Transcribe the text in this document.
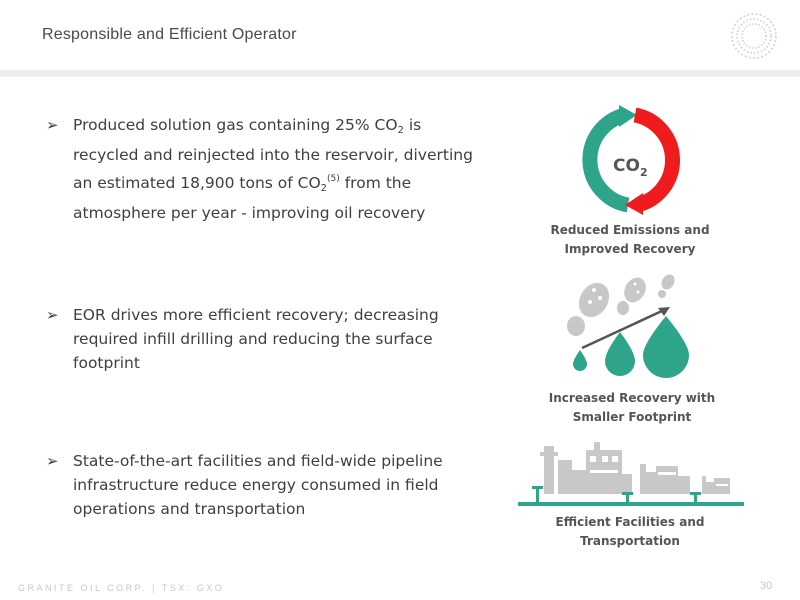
Responsible and Efficient Operator
➢ Produced solution gas containing 25% $CO_2$ is recycled and reinjected into the reservoir, diverting an estimated 18,900 tons of $CO_2^{(5)}$ from the atmosphere per year - improving oil recovery
➢ EOR drives more efficient recovery; decreasing required infill drilling and reducing the surface footprint
➢ State-of-the-art facilities and field-wide pipeline infrastructure reduce energy consumed in field operations and transportation
$CO_2$
Reduced Emissions and
Improved Recovery
Increased Recovery with
Smaller Footprint
Efficient Facilities and
Transportation
GRANITE OIL CORP. | TSX: GXO	30
